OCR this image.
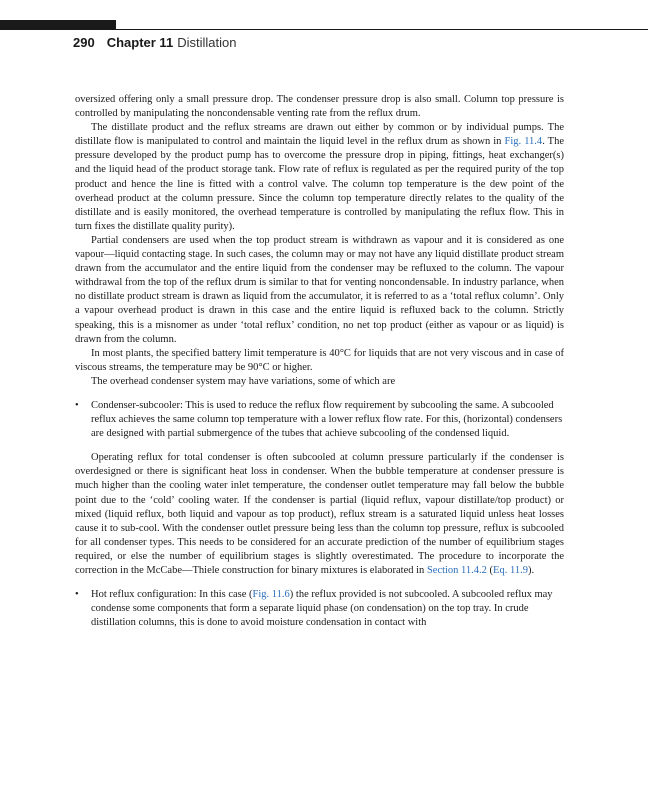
290 Chapter 11 Distillation

oversized offering only a small pressure drop. The condenser pressure drop is also small. Column top pressure is controlled by manipulating the noncondensable venting rate from the reflux drum.

The distillate product and the reflux streams are drawn out either by common or by individual pumps. The distillate flow is manipulated to control and maintain the liquid level in the reflux drum as shown in Fig. 11.4. The pressure developed by the product pump has to overcome the pressure drop in piping, fittings, heat exchanger(s) and the liquid head of the product storage tank. Flow rate of reflux is regulated as per the required purity of the top product and hence the line is fitted with a control valve. The column top temperature is the dew point of the overhead product at the column pressure. Since the column top temperature directly relates to the quality of the distillate and is easily monitored, the overhead temperature is controlled by manipulating the reflux flow. This in turn fixes the distillate quality purity).

Partial condensers are used when the top product stream is withdrawn as vapour and it is considered as one vapour—liquid contacting stage. In such cases, the column may or may not have any liquid distillate product stream drawn from the accumulator and the entire liquid from the condenser may be refluxed to the column. The vapour withdrawal from the top of the reflux drum is similar to that for venting noncondensable. In industry parlance, when no distillate product stream is drawn as liquid from the accumulator, it is referred to as a ‘total reflux column’. Only a vapour overhead product is drawn in this case and the entire liquid is refluxed back to the column. Strictly speaking, this is a misnomer as under ‘total reflux’ condition, no net top product (either as vapour or as liquid) is drawn from the column.

In most plants, the specified battery limit temperature is 40°C for liquids that are not very viscous and in case of viscous streams, the temperature may be 90°C or higher.

The overhead condenser system may have variations, some of which are

• Condenser-subcooler: This is used to reduce the reflux flow requirement by subcooling the same. A subcooled reflux achieves the same column top temperature with a lower reflux flow rate. For this, (horizontal) condensers are designed with partial submergence of the tubes that achieve subcooling of the condensed liquid.

Operating reflux for total condenser is often subcooled at column pressure particularly if the condenser is overdesigned or there is significant heat loss in condenser. When the bubble temperature at condenser pressure is much higher than the cooling water inlet temperature, the condenser outlet temperature may fall below the bubble point due to the ‘cold’ cooling water. If the condenser is partial (liquid reflux, vapour distillate/top product) or mixed (liquid reflux, both liquid and vapour as top product), reflux stream is a saturated liquid unless heat losses cause it to sub-cool. With the condenser outlet pressure being less than the column top pressure, reflux is subcooled for all condenser types. This needs to be considered for an accurate prediction of the number of equilibrium stages required, or else the number of equilibrium stages is slightly overestimated. The procedure to incorporate the correction in the McCabe—Thiele construction for binary mixtures is elaborated in Section 11.4.2 (Eq. 11.9).

• Hot reflux configuration: In this case (Fig. 11.6) the reflux provided is not subcooled. A subcooled reflux may condense some components that form a separate liquid phase (on condensation) on the top tray. In crude distillation columns, this is done to avoid moisture condensation in contact with
